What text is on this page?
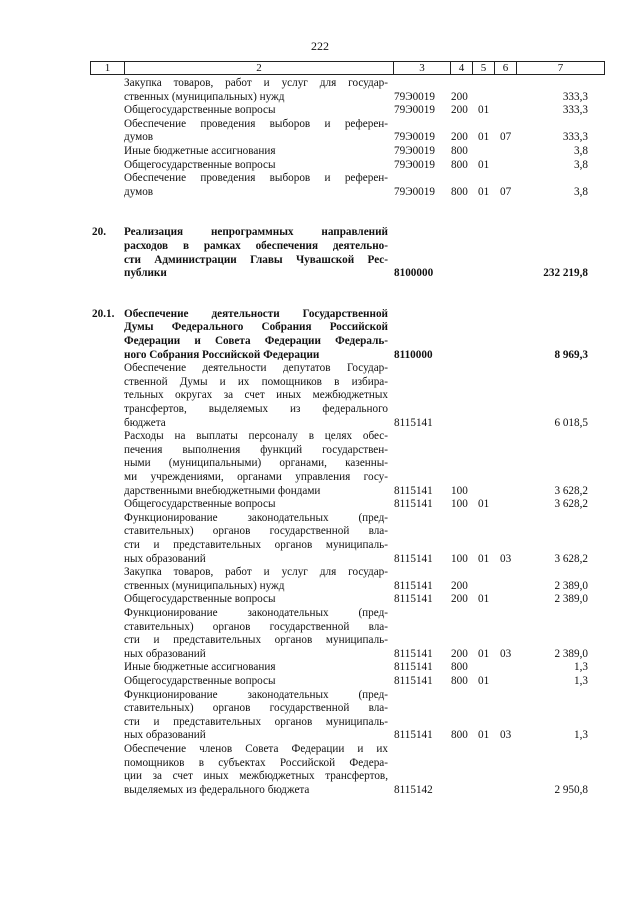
222
1	2	3	4	5	6	7
Закупка товаров, работ и услуг для государ-
ственных (муниципальных) нужд	79Э0019 200	333,3
Общегосударственные вопросы	79Э0019 200 01	333,3
Обеспечение проведения выборов и референ-
думов	79Э0019 200 01 07	333,3
Иные бюджетные ассигнования	79Э0019 800	3,8
Общегосударственные вопросы	79Э0019 800 01	3,8
Обеспечение проведения выборов и референ-
думов	79Э0019 800 01 07	3,8
20.	Реализация непрограммных направлений
расходов в рамках обеспечения деятельно-
сти Администрации Главы Чувашской Рес-
публики	8100000	232 219,8
20.1. Обеспечение деятельности Государственной
Думы Федерального Собрания Российской
Федерации и Совета Федерации Федераль-
ного Собрания Российской Федерации	8110000	8 969,3
Обеспечение деятельности депутатов Государ-
ственной Думы и их помощников в избира-
тельных округах за счет иных межбюджетных
трансфертов, выделяемых из федерального
бюджета	8115141	6 018,5
Расходы на выплаты персоналу в целях обес-
печения выполнения функций государствен-
ными (муниципальными) органами, казенны-
ми учреждениями, органами управления госу-
дарственными внебюджетными фондами	8115141 100	3 628,2
Общегосударственные вопросы	8115141 100 01	3 628,2
Функционирование законодательных (пред-
ставительных) органов государственной вла-
сти и представительных органов муниципаль-
ных образований	8115141 100 01 03	3 628,2
Закупка товаров, работ и услуг для государ-
ственных (муниципальных) нужд	8115141 200	2 389,0
Общегосударственные вопросы	8115141 200 01	2 389,0
Функционирование законодательных (пред-
ставительных) органов государственной вла-
сти и представительных органов муниципаль-
ных образований	8115141 200 01 03	2 389,0
Иные бюджетные ассигнования	8115141 800	1,3
Общегосударственные вопросы	8115141 800 01	1,3
Функционирование законодательных (пред-
ставительных) органов государственной вла-
сти и представительных органов муниципаль-
ных образований	8115141 800 01 03	1,3
Обеспечение членов Совета Федерации и их
помощников в субъектах Российской Федера-
ции за счет иных межбюджетных трансфертов,
выделяемых из федерального бюджета	8115142	2 950,8
